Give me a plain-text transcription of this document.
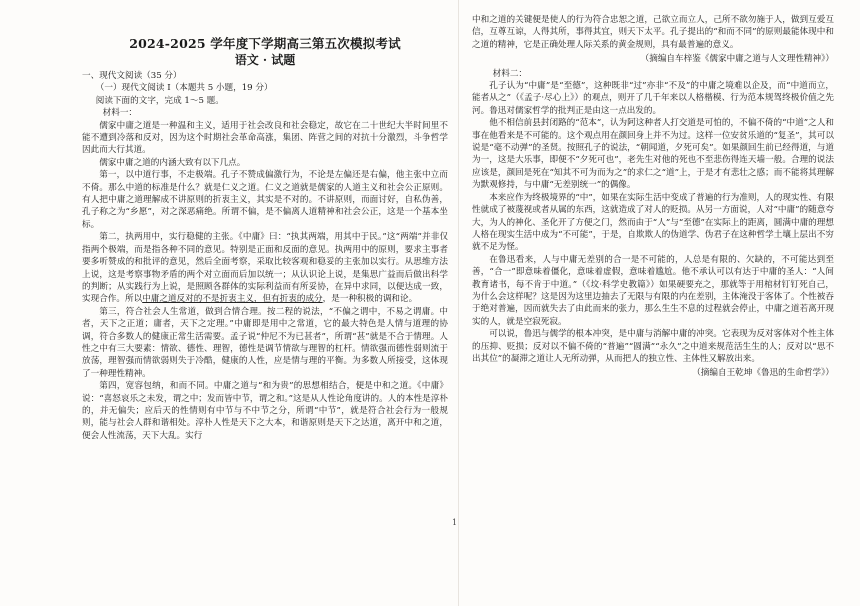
2024-2025 学年度下学期高三第五次模拟考试
语文 · 试题

一、现代文阅读（35 分）

（一）现代文阅读 I（本题共 5 小题，19 分）

阅读下面的文字，完成 1～5 题。

材料一：

儒家中庸之道是一种温和主义，适用于社会改良和社会稳定，故它在二十世纪大半时间里不能不遭到冷落和反对，因为这个时期社会革命高涨，集团、阵营之间的对抗十分激烈，斗争哲学因此而大行其道。

儒家中庸之道的内涵大致有以下几点。

第一，以中道行事，不走极端。孔子不赞成偏激行为，不论是左偏还是右偏，他主张中立而不倚。那么中道的标准是什么？就是仁义之道。仁义之道就是儒家的人道主义和社会公正原则。有人把中庸之道理解成不讲原则的折衷主义，其实是不对的。不讲原则，而面讨好，自私伪善，孔子称之为“乡愿”，对之深恶痛绝。所谓不偏，是不偏离人道精神和社会公正，这是一个基本坐标。

第二，执两用中，实行稳健的主张。《中庸》曰：“执其两端，用其中于民。”这“两端”并非仅指两个极端，而是指各种不同的意见。特别是正面和反面的意见。执两用中的原则，要求主事者要多听赞成的和批评的意见，然后全面考察，采取比较客观和稳妥的主张加以实行。从思维方法上说，这是考察事物矛盾的两个对立面而后加以统一；从认识论上说，是集思广益而后做出科学的判断；从实践行为上说，是照顾各群体的实际利益而有所妥协，在异中求同，以便达成一致，实现合作。所以中庸之道反对的不是折衷主义，但有折衷的成分，是一种积极的调和论。

第三，符合社会人生常道，做到合情合理。按二程的说法，“不偏之谓中，不易之谓庸。中者，天下之正道；庸者，天下之定理。”中庸即是用中之常道，它的最大特色是人情与道理的协调，符合多数人的健康正常生活需要。孟子说“仲尼不为已甚者”，所谓“甚”就是不合于情理。人性之中有三大要素：情欲、德性、理智，德性是调节情欲与理智的杠杆。情欲强而德性弱则流于放荡，理智强而情欲弱则失于冷酷，健康的人性，应是情与理的平衡。为多数人所接受，这体现了一种理性精神。

第四，宽容包纳，和而不同。中庸之道与“和为贵”的思想相结合，便是中和之道。《中庸》说：“喜怒哀乐之未发，谓之中；发而皆中节，谓之和。”这是从人性论角度讲的。人的本性是淳朴的，并无偏失；应后天的性情则有中节与不中节之分，所谓“中节”，就是符合社会行为一般规则，能与社会人群和谐相处。淳朴人性是天下之大本，和谐原则是天下之达道，离开中和之道，便会人性流荡，天下大乱。实行

中和之道的关键便是使人的行为符合忠恕之道，己欲立而立人，己所不欲勿施于人，做到互爱互信，互尊互谅，人得其所，事得其宜，则天下太平。孔子提出的“和而不同”的原则最能体现中和之道的精神，它是正确处理人际关系的黄金规则，具有最普遍的意义。

（摘编自车梓鉴《儒家中庸之道与人文理性精神》）

材料二：

孔子认为“中庸”是“至德”，这种既非“过”亦非“不及”的中庸之境难以企及，而“中道而立，能者从之”（《孟子·尽心上》）的观点，则开了几千年来以人格楷模、行为范本规驾终极价值之先河。鲁迅对儒家哲学的批判正是由这一点出发的。

他不相信前县封闭路的“范本”，认为阿这种者人打交道是可怕的，不偏不倚的“中道”之人和事在他看来是不可能的。这个观点用在颜回身上并不为过。这样一位安贫乐道的“复圣”，其可以说是“毫不动弹”的圣贤。按照孔子的说法，“朝闻道，夕死可矣”。如果颜回生前已经得道，与道为一，这是大乐事，即便不“夕死可也”，老先生对他的死也不至悲伤得连天墙一般。合理的说法应该是，颜回是死在“知其不可为而为之”的求仁之“道”上，于是才有悲壮之感；而不能将其理解为默观修持，与中庸“无差别统一”的偶像。

本来应作为终极境界的“中”，如果在实际生活中变成了普遍的行为准则，人的现实性、有限性就成了被蔑视或者从属的东西，这就造成了对人的贬损。从另一方面说，人对“中庸”的随意夸大，为人的神化、圣化开了方便之门，然而由于“人”与“至德”在实际上的距离，圆满中庸的理想人格在现实生活中成为“不可能”，于是，自欺欺人的伪道学、伪君子在这种哲学土壤上层出不穷就不足为怪。

在鲁迅看来，人与中庸无差别的合一是不可能的，人总是有限的、欠缺的，不可能达到至善，“合一”即意味着僵化，意味着虚假，意味着尴尬。他不承认可以有达于中庸的圣人：“人间教育诸书，每不肯于中道。”（《坟·科学史教篇》）如果硬要充之，那就等于用棺材钉钉死自己，为什么会这样呢？这是因为这里边抽去了无限与有限的内在差别，主体淹没于客体了。个性被吞于绝对普遍，因而就失去了由此而来的张力，那么生生不息的过程就会停止，中庸之道若离开现实的人，就是空寂死寂。

可以说，鲁迅与儒学的根本冲突，是中庸与消解中庸的冲突。它表现为反对客体对个性主体的压抑、贬损；反对以不偏不倚的“普遍”“圆满”“永久”之中道来规范活生生的人；反对以“思不出其位”的凝滞之道让人无所动弹，从而把人的独立性、主体性又解放出来。

（摘编自王乾坤《鲁迅的生命哲学》）

1
